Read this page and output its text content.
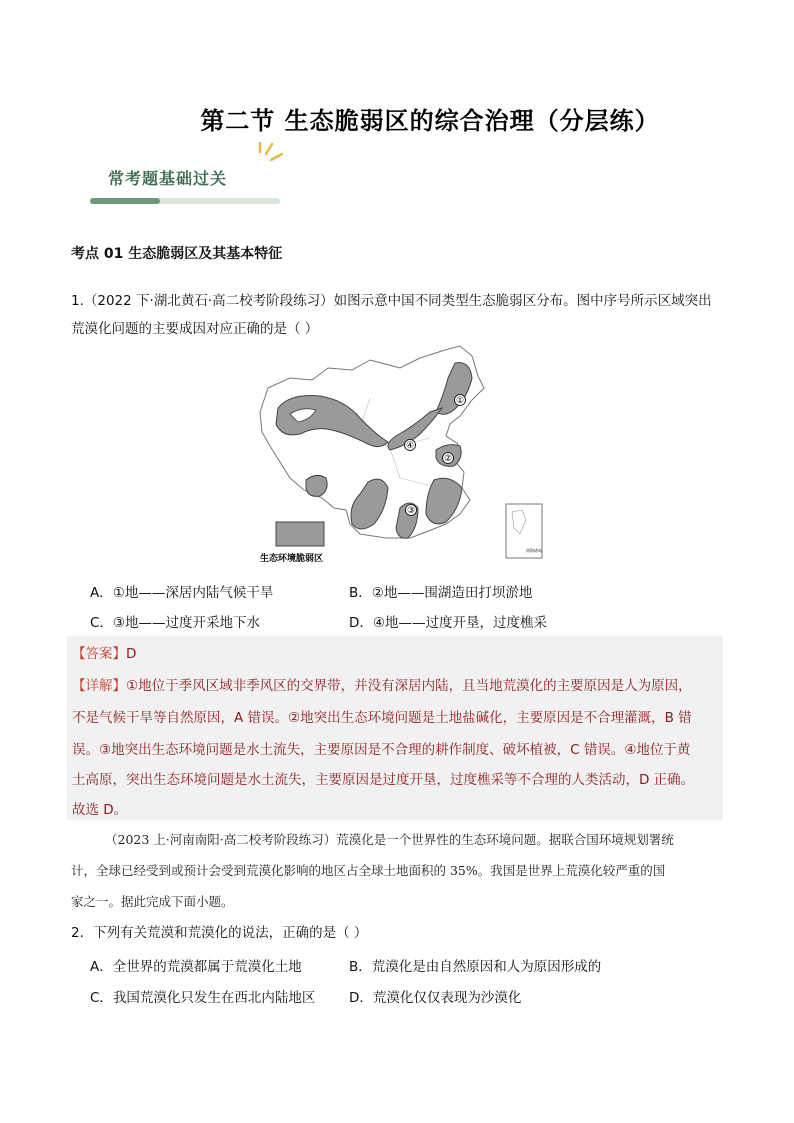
第二节 生态脆弱区的综合治理（分层练）
常考题基础过关
考点 01 生态脆弱区及其基本特征
1.（2022 下·湖北黄石·高二校考阶段练习）如图示意中国不同类型生态脆弱区分布。图中序号所示区域突出
荒漠化问题的主要成因对应正确的是（ ）
①
②
③
④
生态环境脆弱区
南海诸岛
A．①地——深居内陆气候干旱	B．②地——围湖造田打坝淤地
C．③地——过度开采地下水	D．④地——过度开垦，过度樵采
【答案】D
【详解】①地位于季风区域非季风区的交界带，并没有深居内陆，且当地荒漠化的主要原因是人为原因，
不是气候干旱等自然原因，A 错误。②地突出生态环境问题是土地盐碱化，主要原因是不合理灌溉，B 错
误。③地突出生态环境问题是水土流失，主要原因是不合理的耕作制度、破坏植被，C 错误。④地位于黄
土高原，突出生态环境问题是水土流失，主要原因是过度开垦，过度樵采等不合理的人类活动，D 正确。
故选 D。
（2023 上·河南南阳·高二校考阶段练习）荒漠化是一个世界性的生态环境问题。据联合国环境规划署统
计，全球已经受到或预计会受到荒漠化影响的地区占全球土地面积的 35%。我国是世界上荒漠化较严重的国
家之一。据此完成下面小题。
2．下列有关荒漠和荒漠化的说法，正确的是（ ）
A．全世界的荒漠都属于荒漠化土地	B．荒漠化是由自然原因和人为原因形成的
C．我国荒漠化只发生在西北内陆地区 D．荒漠化仅仅表现为沙漠化
